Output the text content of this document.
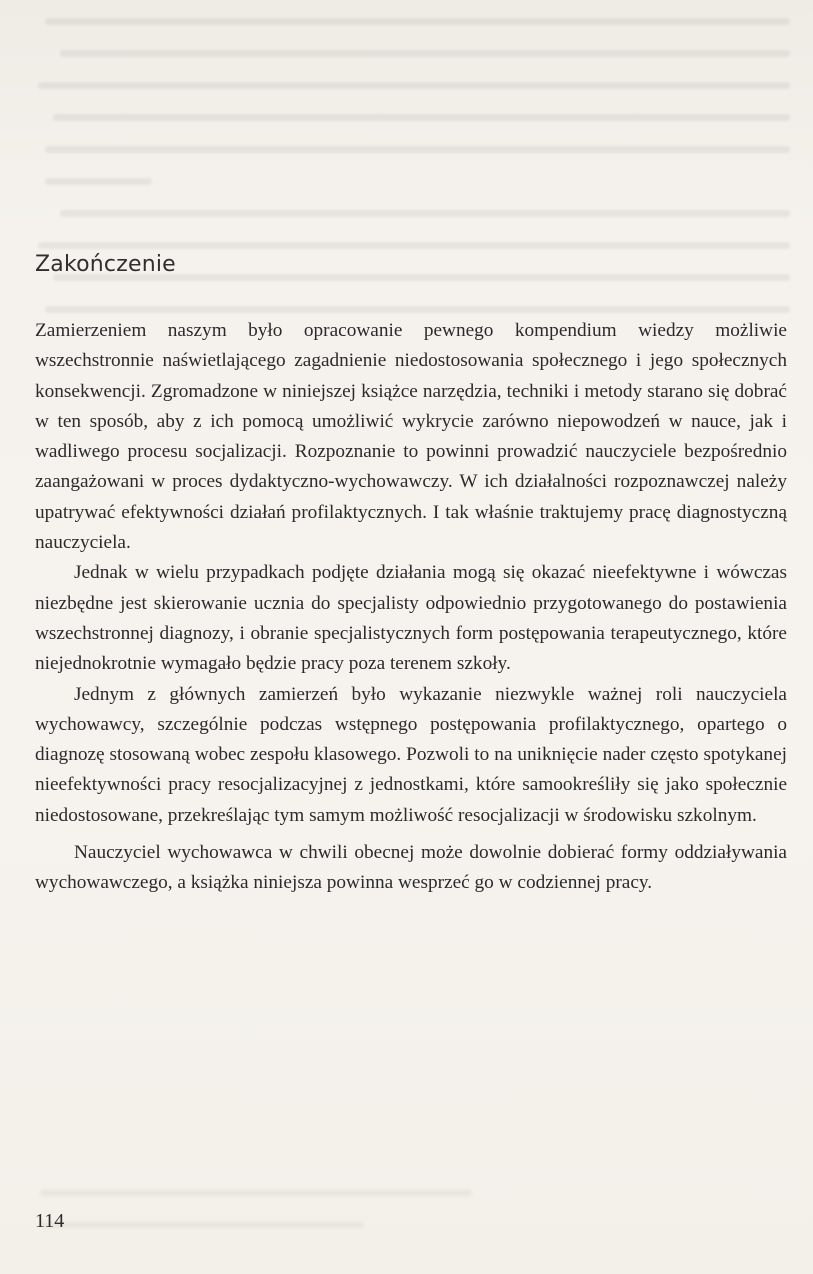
Zakończenie

Zamierzeniem naszym było opracowanie pewnego kompendium wiedzy możliwie wszechstronnie naświetlającego zagadnienie niedostosowania społecznego i jego społecznych konsekwencji. Zgromadzone w niniejszej książce narzędzia, techniki i metody starano się dobrać w ten sposób, aby z ich pomocą umożliwić wykrycie zarówno niepowodzeń w nauce, jak i wadliwego procesu socjalizacji. Rozpoznanie to powinni prowadzić nauczyciele bezpośrednio zaangażowani w proces dydaktyczno-wychowawczy. W ich działalności rozpoznawczej należy upatrywać efektywności działań profilaktycznych. I tak właśnie traktujemy pracę diagnostyczną nauczyciela.

Jednak w wielu przypadkach podjęte działania mogą się okazać nieefektywne i wówczas niezbędne jest skierowanie ucznia do specjalisty odpowiednio przygotowanego do postawienia wszechstronnej diagnozy, i obranie specjalistycznych form postępowania terapeutycznego, które niejednokrotnie wymagało będzie pracy poza terenem szkoły.

Jednym z głównych zamierzeń było wykazanie niezwykle ważnej roli nauczyciela wychowawcy, szczególnie podczas wstępnego postępowania profilaktycznego, opartego o diagnozę stosowaną wobec zespołu klasowego. Pozwoli to na uniknięcie nader często spotykanej nieefektywności pracy resocjalizacyjnej z jednostkami, które samookreśliły się jako społecznie niedostosowane, przekreślając tym samym możliwość resocjalizacji w środowisku szkolnym.

Nauczyciel wychowawca w chwili obecnej może dowolnie dobierać formy oddziaływania wychowawczego, a książka niniejsza powinna wesprzeć go w codziennej pracy.

114
